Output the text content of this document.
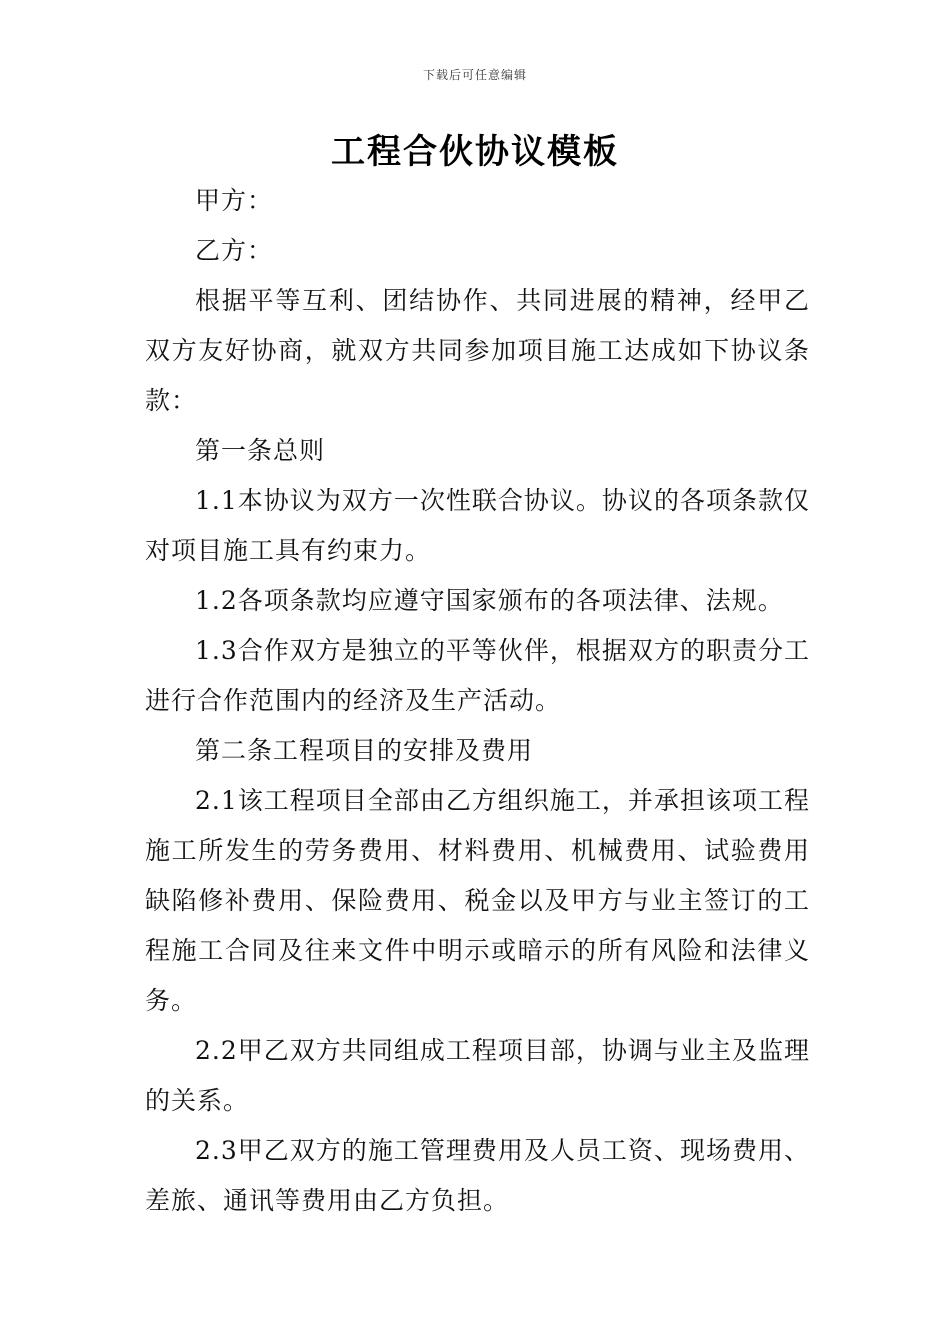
下载后可任意编辑
工程合伙协议模板

甲方：

乙方：

根据平等互利、团结协作、共同进展的精神，经甲乙双方友好协商，就双方共同参加项目施工达成如下协议条款：

第一条总则

1.1本协议为双方一次性联合协议。协议的各项条款仅对项目施工具有约束力。

1.2各项条款均应遵守国家颁布的各项法律、法规。

1.3合作双方是独立的平等伙伴，根据双方的职责分工进行合作范围内的经济及生产活动。

第二条工程项目的安排及费用

2.1该工程项目全部由乙方组织施工，并承担该项工程施工所发生的劳务费用、材料费用、机械费用、试验费用缺陷修补费用、保险费用、税金以及甲方与业主签订的工程施工合同及往来文件中明示或暗示的所有风险和法律义务。

2.2甲乙双方共同组成工程项目部，协调与业主及监理的关系。

2.3甲乙双方的施工管理费用及人员工资、现场费用、差旅、通讯等费用由乙方负担。
